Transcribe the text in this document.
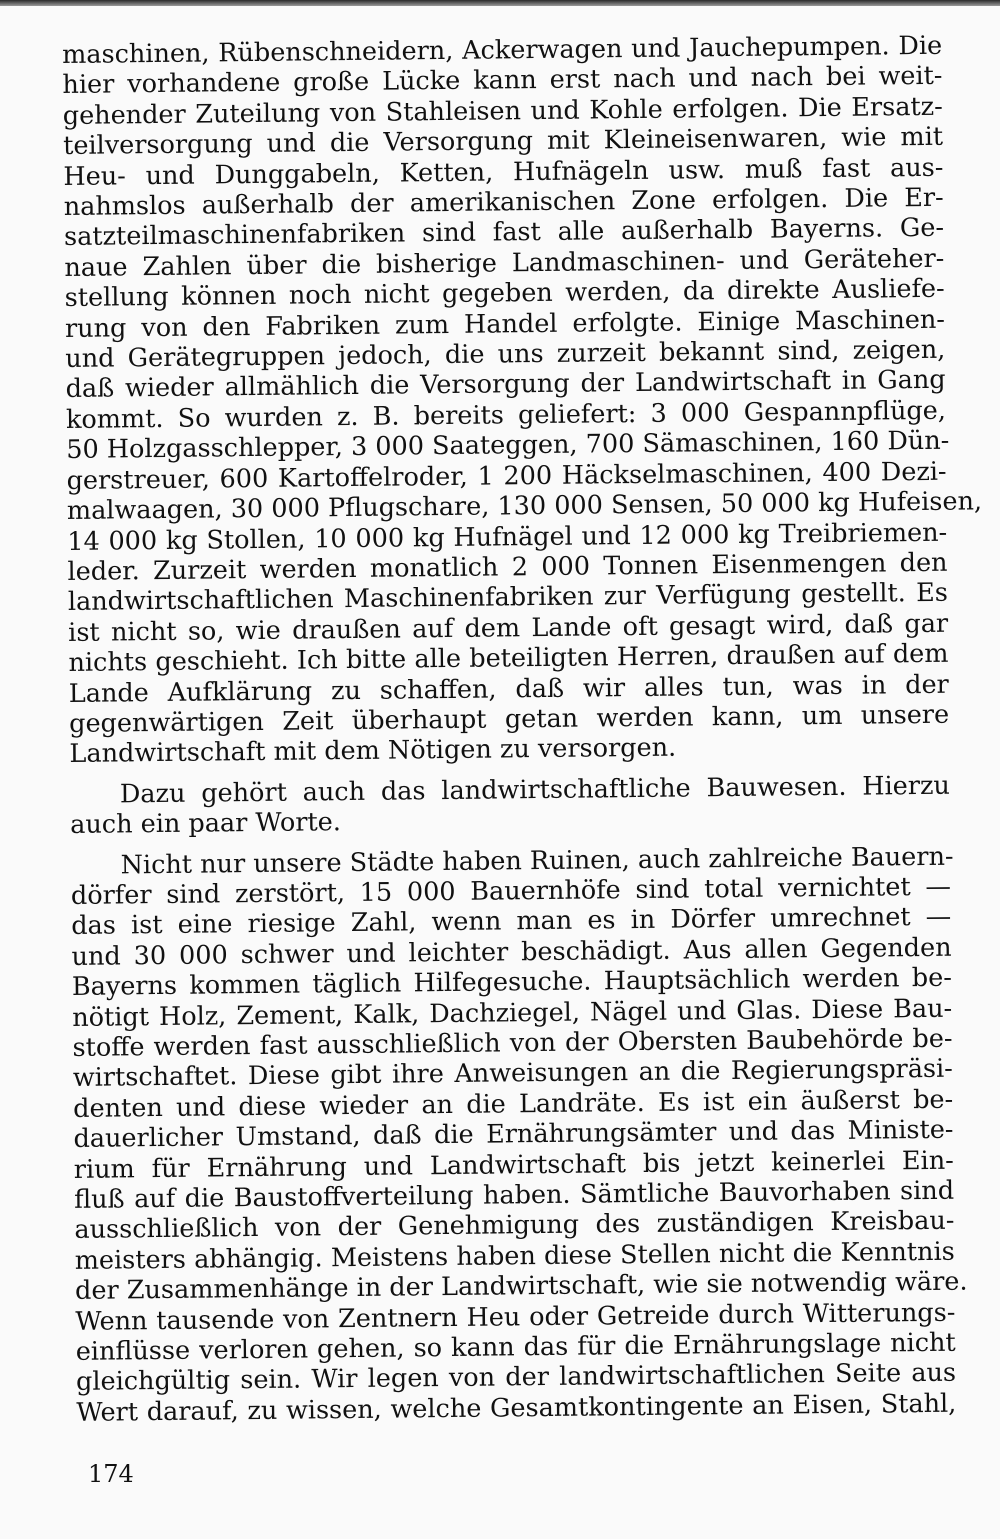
maschinen, Rübenschneidern, Ackerwagen und Jauchepumpen. Die
hier vorhandene große Lücke kann erst nach und nach bei weit-
gehender Zuteilung von Stahleisen und Kohle erfolgen. Die Ersatz-
teilversorgung und die Versorgung mit Kleineisenwaren, wie mit
Heu- und Dunggabeln, Ketten, Hufnägeln usw. muß fast aus-
nahmslos außerhalb der amerikanischen Zone erfolgen. Die Er-
satzteilmaschinenfabriken sind fast alle außerhalb Bayerns. Ge-
naue Zahlen über die bisherige Landmaschinen- und Geräteher-
stellung können noch nicht gegeben werden, da direkte Ausliefe-
rung von den Fabriken zum Handel erfolgte. Einige Maschinen-
und Gerätegruppen jedoch, die uns zurzeit bekannt sind, zeigen,
daß wieder allmählich die Versorgung der Landwirtschaft in Gang
kommt. So wurden z. B. bereits geliefert: 3 000 Gespannpflüge,
50 Holzgasschlepper, 3 000 Saateggen, 700 Sämaschinen, 160 Dün-
gerstreuer, 600 Kartoffelroder, 1 200 Häckselmaschinen, 400 Dezi-
malwaagen, 30 000 Pflugschare, 130 000 Sensen, 50 000 kg Hufeisen,
14 000 kg Stollen, 10 000 kg Hufnägel und 12 000 kg Treibriemen-
leder. Zurzeit werden monatlich 2 000 Tonnen Eisenmengen den
landwirtschaftlichen Maschinenfabriken zur Verfügung gestellt. Es
ist nicht so, wie draußen auf dem Lande oft gesagt wird, daß gar
nichts geschieht. Ich bitte alle beteiligten Herren, draußen auf dem
Lande Aufklärung zu schaffen, daß wir alles tun, was in der
gegenwärtigen Zeit überhaupt getan werden kann, um unsere
Landwirtschaft mit dem Nötigen zu versorgen.
Dazu gehört auch das landwirtschaftliche Bauwesen. Hierzu
auch ein paar Worte.
Nicht nur unsere Städte haben Ruinen, auch zahlreiche Bauern-
dörfer sind zerstört, 15 000 Bauernhöfe sind total vernichtet —
das ist eine riesige Zahl, wenn man es in Dörfer umrechnet —
und 30 000 schwer und leichter beschädigt. Aus allen Gegenden
Bayerns kommen täglich Hilfegesuche. Hauptsächlich werden be-
nötigt Holz, Zement, Kalk, Dachziegel, Nägel und Glas. Diese Bau-
stoffe werden fast ausschließlich von der Obersten Baubehörde be-
wirtschaftet. Diese gibt ihre Anweisungen an die Regierungspräsi-
denten und diese wieder an die Landräte. Es ist ein äußerst be-
dauerlicher Umstand, daß die Ernährungsämter und das Ministe-
rium für Ernährung und Landwirtschaft bis jetzt keinerlei Ein-
fluß auf die Baustoffverteilung haben. Sämtliche Bauvorhaben sind
ausschließlich von der Genehmigung des zuständigen Kreisbau-
meisters abhängig. Meistens haben diese Stellen nicht die Kenntnis
der Zusammenhänge in der Landwirtschaft, wie sie notwendig wäre.
Wenn tausende von Zentnern Heu oder Getreide durch Witterungs-
einflüsse verloren gehen, so kann das für die Ernährungslage nicht
gleichgültig sein. Wir legen von der landwirtschaftlichen Seite aus
Wert darauf, zu wissen, welche Gesamtkontingente an Eisen, Stahl,
174
